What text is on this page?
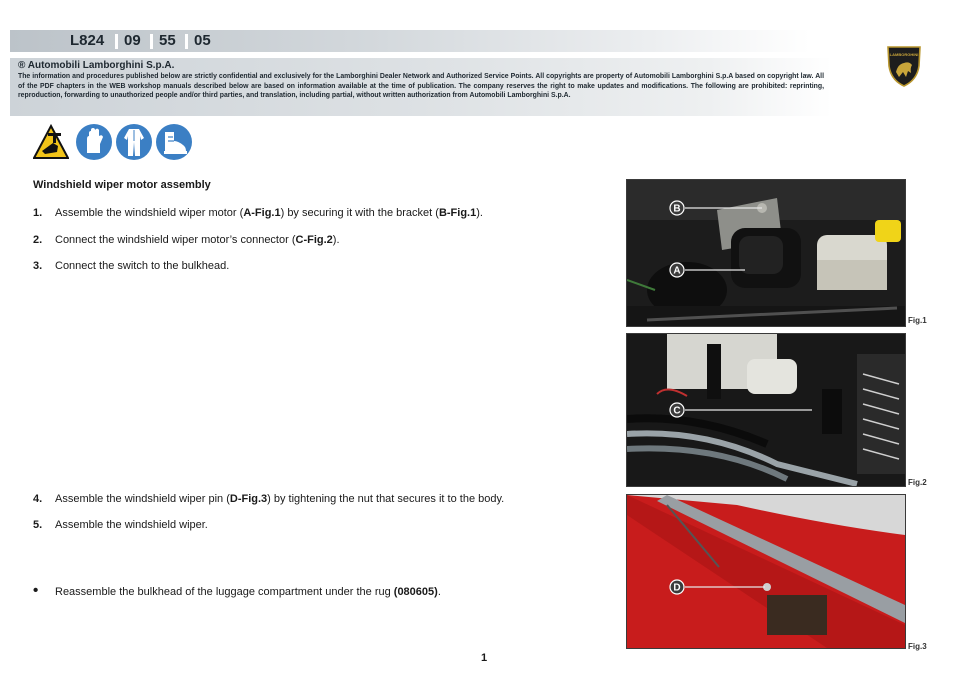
L824 09 55 05
LAMBORGHINI
® Automobili Lamborghini S.p.A.
The information and procedures published below are strictly confidential and exclusively for the Lamborghini Dealer Network and Authorized Service Points. All copyrights are property of Automobili Lamborghini S.p.A based on copyright law. All of the PDF chapters in the WEB workshop manuals described below are based on information available at the time of publication. The company reserves the right to make updates and modifications. The following are prohibited: reprinting, reproduction, forwarding to unauthorized people and/or third parties, and translation, including partial, without written authorization from Automobili Lamborghini S.p.A.
Windshield wiper motor assembly
1. Assemble the windshield wiper motor (A-Fig.1) by securing it with the bracket (B-Fig.1).
2. Connect the windshield wiper motor’s connector (C-Fig.2).
3. Connect the switch to the bulkhead.
4. Assemble the windshield wiper pin (D-Fig.3) by tightening the nut that secures it to the body.
5. Assemble the windshield wiper.
• Reassemble the bulkhead of the luggage compartment under the rug (080605).
B
A
Fig.1
C
Fig.2
D
Fig.3
1
